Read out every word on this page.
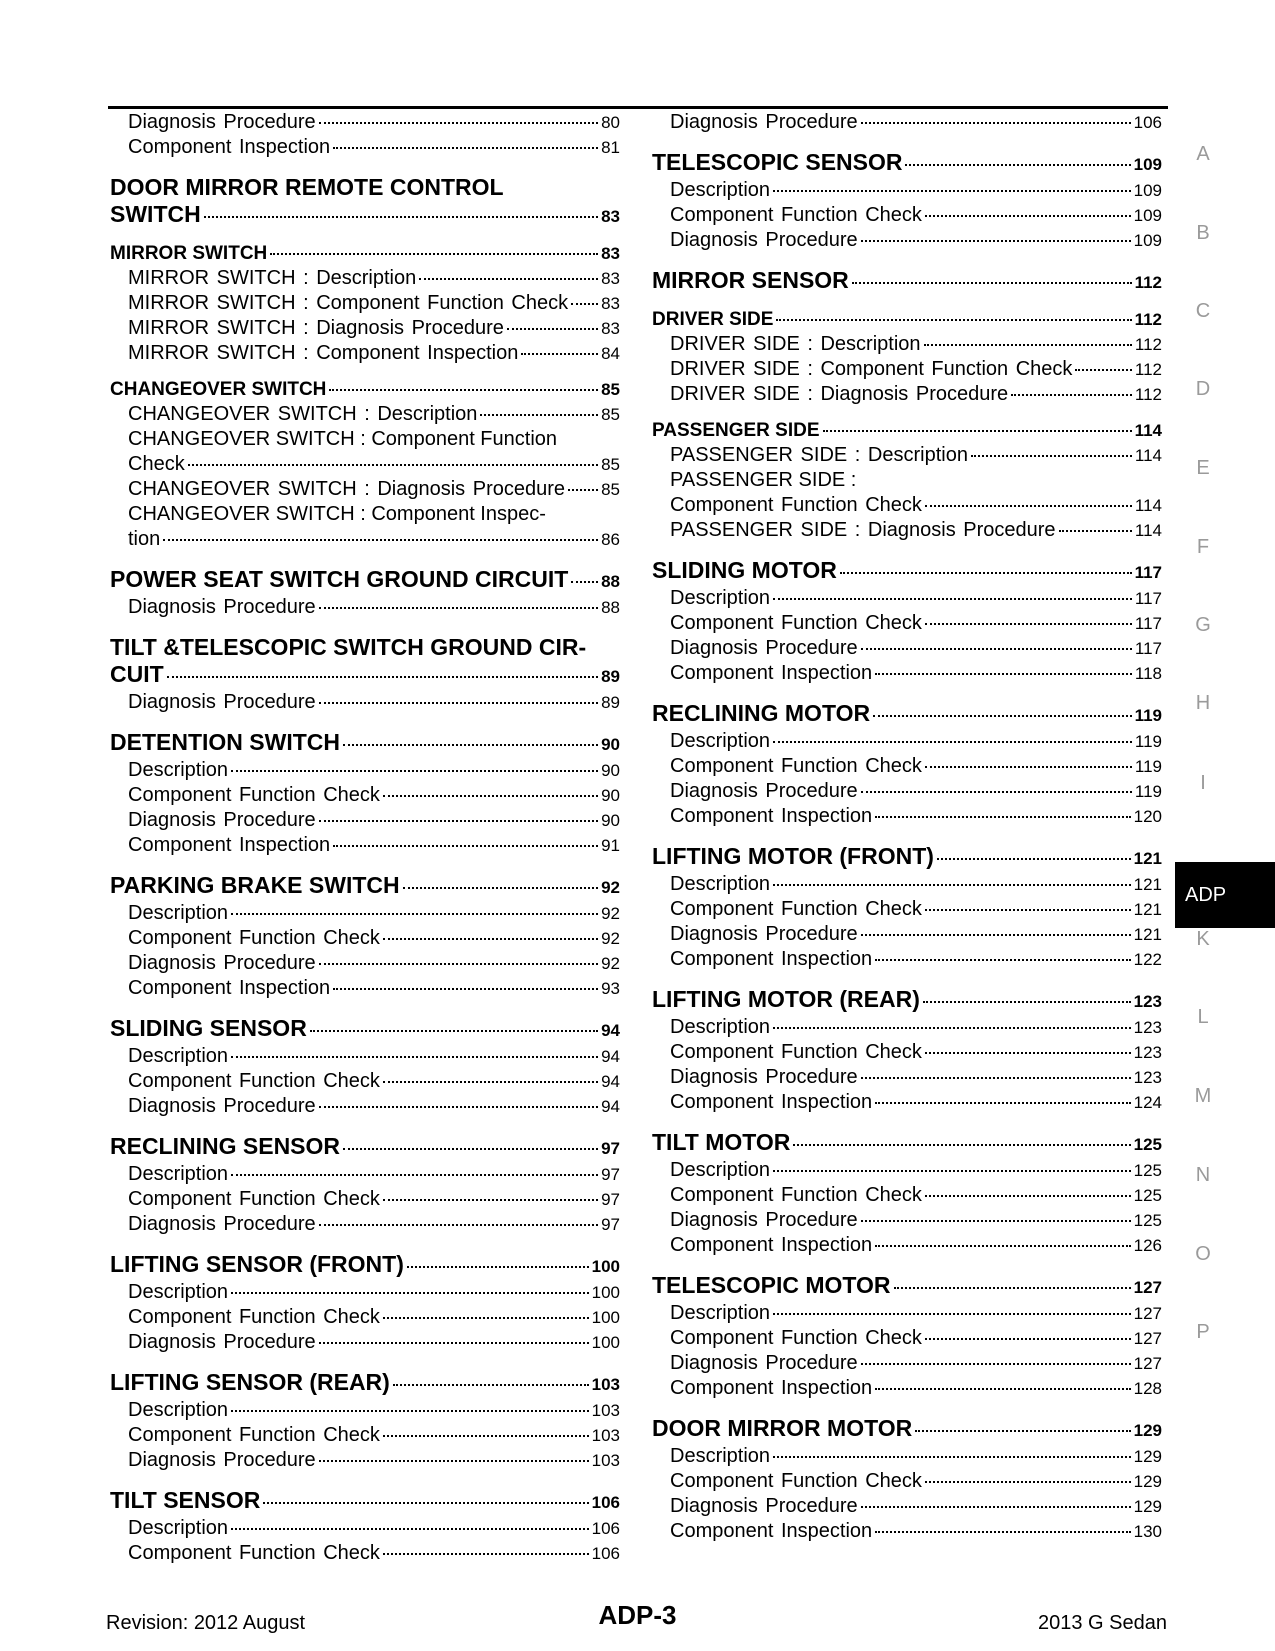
Diagnosis Procedure	80
Component Inspection	81
DOOR MIRROR REMOTE CONTROL
SWITCH	83
MIRROR SWITCH	83
MIRROR SWITCH : Description	83
MIRROR SWITCH : Component Function Check 83
MIRROR SWITCH : Diagnosis Procedure	83
MIRROR SWITCH : Component Inspection	84
CHANGEOVER SWITCH	85
CHANGEOVER SWITCH : Description	85
CHANGEOVER SWITCH : Component Function
Check	85
CHANGEOVER SWITCH : Diagnosis Procedure 85
CHANGEOVER SWITCH : Component Inspec-
tion	86
POWER SEAT SWITCH GROUND CIRCUIT 88
Diagnosis Procedure	88
TILT &TELESCOPIC SWITCH GROUND CIR-
CUIT	89
Diagnosis Procedure	89
DETENTION SWITCH	90
Description	90
Component Function Check	90
Diagnosis Procedure	90
Component Inspection	91
PARKING BRAKE SWITCH	92
Description	92
Component Function Check	92
Diagnosis Procedure	92
Component Inspection	93
SLIDING SENSOR	94
Description	94
Component Function Check	94
Diagnosis Procedure	94
RECLINING SENSOR	97
Description	97
Component Function Check	97
Diagnosis Procedure	97
LIFTING SENSOR (FRONT)	100
Description	100
Component Function Check	100
Diagnosis Procedure	100
LIFTING SENSOR (REAR)	103
Description	103
Component Function Check	103
Diagnosis Procedure	103
TILT SENSOR	106
Description	106
Component Function Check	106
Diagnosis Procedure	106
TELESCOPIC SENSOR	109
Description	109
Component Function Check	109
Diagnosis Procedure	109
MIRROR SENSOR	112
DRIVER SIDE	112
DRIVER SIDE : Description	112
DRIVER SIDE : Component Function Check	112
DRIVER SIDE : Diagnosis Procedure	112
PASSENGER SIDE	114
PASSENGER SIDE : Description	114
PASSENGER SIDE :
Component Function Check	114
PASSENGER SIDE : Diagnosis Procedure	114
SLIDING MOTOR	117
Description	117
Component Function Check	117
Diagnosis Procedure	117
Component Inspection	118
RECLINING MOTOR	119
Description	119
Component Function Check	119
Diagnosis Procedure	119
Component Inspection	120
LIFTING MOTOR (FRONT)	121
Description	121
Component Function Check	121
Diagnosis Procedure	121
Component Inspection	122
LIFTING MOTOR (REAR)	123
Description	123
Component Function Check	123
Diagnosis Procedure	123
Component Inspection	124
TILT MOTOR	125
Description	125
Component Function Check	125
Diagnosis Procedure	125
Component Inspection	126
TELESCOPIC MOTOR	127
Description	127
Component Function Check	127
Diagnosis Procedure	127
Component Inspection	128
DOOR MIRROR MOTOR	129
Description	129
Component Function Check	129
Diagnosis Procedure	129
Component Inspection	130
A
B
C
D
E
F
G
H
I
K
L
M
N
O
P
ADP
Revision: 2012 August	ADP-3	2013 G Sedan
